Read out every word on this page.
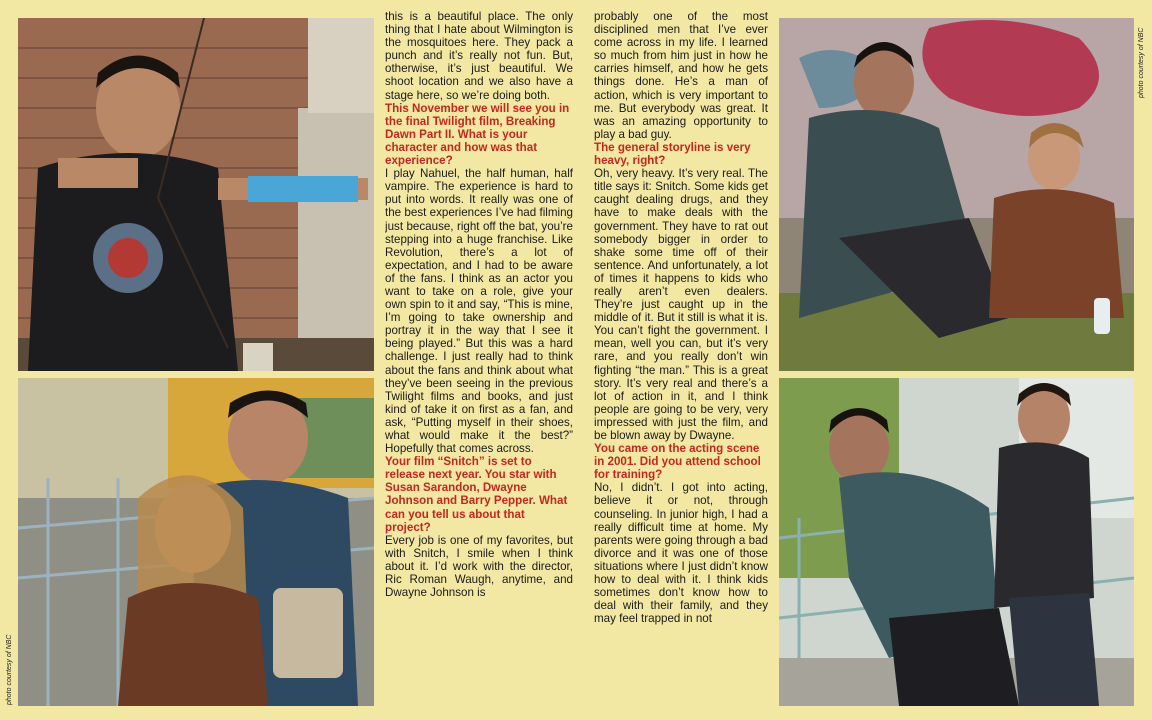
photo courtesy of NBC

this is a beautiful place. The only thing that I hate about Wilmington is the mosquitoes here. They pack a punch and it’s really not fun. But, otherwise, it’s just beautiful. We shoot location and we also have a stage here, so we’re doing both.

This November we will see you in the final Twilight film, Breaking Dawn Part II. What is your character and how was that experience?

I play Nahuel, the half human, half vampire. The experience is hard to put into words. It really was one of the best experiences I’ve had filming just because, right off the bat, you’re stepping into a huge franchise. Like Revolution, there’s a lot of expectation, and I had to be aware of the fans. I think as an actor you want to take on a role, give your own spin to it and say, “This is mine, I’m going to take ownership and portray it in the way that I see it being played.” But this was a hard challenge. I just really had to think about the fans and think about what they’ve been seeing in the previous Twilight films and books, and just kind of take it on first as a fan, and ask, “Putting myself in their shoes, what would make it the best?” Hopefully that comes across.

Your film “Snitch” is set to release next year. You star with Susan Sarandon, Dwayne Johnson and Barry Pepper. What can you tell us about that project?

Every job is one of my favorites, but with Snitch, I smile when I think about it. I’d work with the director, Ric Roman Waugh, anytime, and Dwayne Johnson is

probably one of the most disciplined men that I’ve ever come across in my life. I learned so much from him just in how he carries himself, and how he gets things done. He’s a man of action, which is very important to me. But everybody was great. It was an amazing opportunity to play a bad guy.

The general storyline is very heavy, right?

Oh, very heavy. It’s very real. The title says it: Snitch. Some kids get caught dealing drugs, and they have to make deals with the government. They have to rat out somebody bigger in order to shake some time off of their sentence. And unfortunately, a lot of times it happens to kids who really aren’t even dealers. They’re just caught up in the middle of it. But it still is what it is. You can’t fight the government. I mean, well you can, but it’s very rare, and you really don’t win fighting “the man.” This is a great story. It’s very real and there’s a lot of action in it, and I think people are going to be very, very impressed with just the film, and be blown away by Dwayne.

You came on the acting scene in 2001. Did you attend school for training?

No, I didn’t. I got into acting, believe it or not, through counseling. In junior high, I had a really difficult time at home. My parents were going through a bad divorce and it was one of those situations where I just didn’t know how to deal with it. I think kids sometimes don’t know how to deal with their family, and they may feel trapped in not

photo courtesy of NBC
